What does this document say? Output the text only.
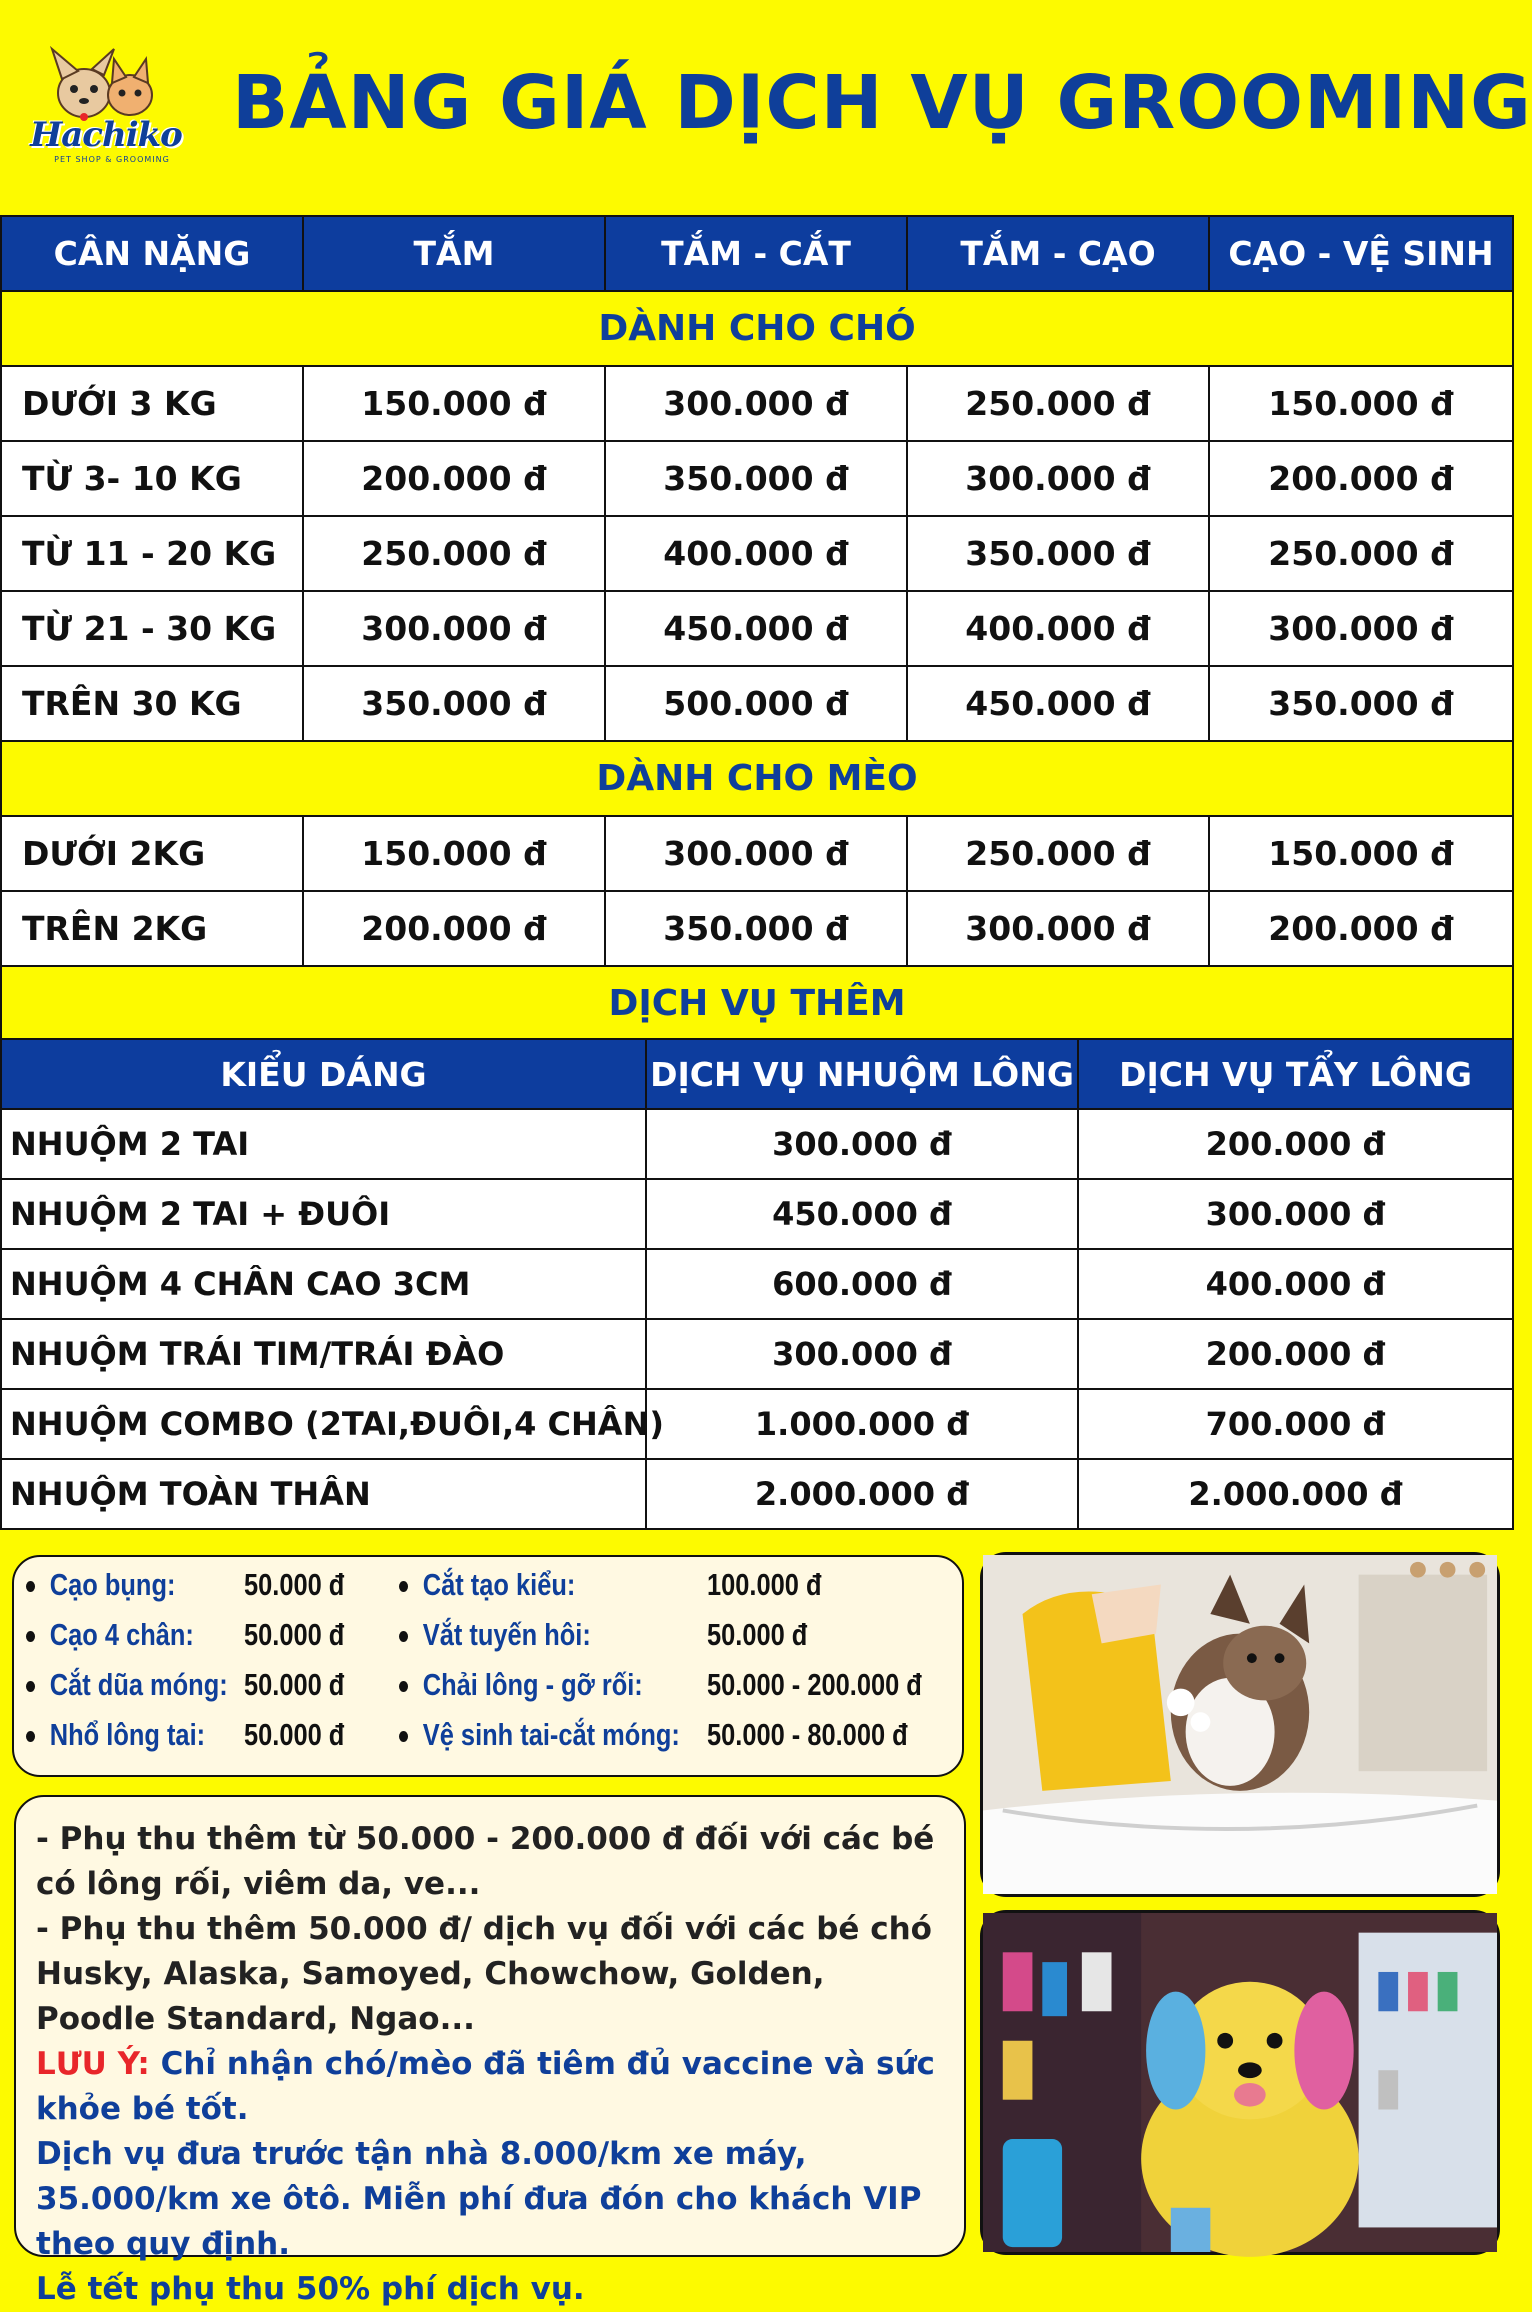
Hachiko
PET SHOP & GROOMING
BẢNG GIÁ DỊCH VỤ GROOMING
CÂN NẶNG	TẮM	TẮM - CẮT	TẮM - CẠO	CẠO - VỆ SINH
DÀNH CHO CHÓ				
DƯỚI 3 KG	150.000 đ	300.000 đ	250.000 đ	150.000 đ
TỪ 3- 10 KG	200.000 đ	350.000 đ	300.000 đ	200.000 đ
TỪ 11 - 20 KG	250.000 đ	400.000 đ	350.000 đ	250.000 đ
TỪ 21 - 30 KG	300.000 đ	450.000 đ	400.000 đ	300.000 đ
TRÊN 30 KG	350.000 đ	500.000 đ	450.000 đ	350.000 đ
DÀNH CHO MÈO				
DƯỚI 2KG	150.000 đ	300.000 đ	250.000 đ	150.000 đ
TRÊN 2KG	200.000 đ	350.000 đ	300.000 đ	200.000 đ
DỊCH VỤ THÊM				
KIỂU DÁNG	DỊCH VỤ NHUỘM LÔNG	DỊCH VỤ TẨY LÔNG
NHUỘM 2 TAI	300.000 đ	200.000 đ
NHUỘM 2 TAI + ĐUÔI	450.000 đ	300.000 đ
NHUỘM 4 CHÂN CAO 3CM	600.000 đ	400.000 đ
NHUỘM TRÁI TIM/TRÁI ĐÀO	300.000 đ	200.000 đ
NHUỘM COMBO (2TAI,ĐUÔI,4 CHÂN)	1.000.000 đ	700.000 đ
NHUỘM TOÀN THÂN	2.000.000 đ	2.000.000 đ
Cạo bụng: 50.000 đ
Cạo 4 chân: 50.000 đ
Cắt dũa móng: 50.000 đ
Nhổ lông tai: 50.000 đ
Cắt tạo kiểu:	100.000 đ
Vắt tuyến hôi:	50.000 đ
Chải lông - gỡ rối: 50.000 - 200.000 đ
Vệ sinh tai-cắt móng: 50.000 - 80.000 đ

- Phụ thu thêm từ 50.000 - 200.000 đ đối với các bé có lông rối, viêm da, ve...

- Phụ thu thêm 50.000 đ/ dịch vụ đối với các bé chó Husky, Alaska, Samoyed, Chowchow, Golden, Poodle Standard, Ngao...

LƯU Ý: Chỉ nhận chó/mèo đã tiêm đủ vaccine và sức khỏe bé tốt.

Dịch vụ đưa trước tận nhà 8.000/km xe máy, 35.000/km xe ôtô. Miễn phí đưa đón cho khách VIP theo quy định.

Lễ tết phụ thu 50% phí dịch vụ.
